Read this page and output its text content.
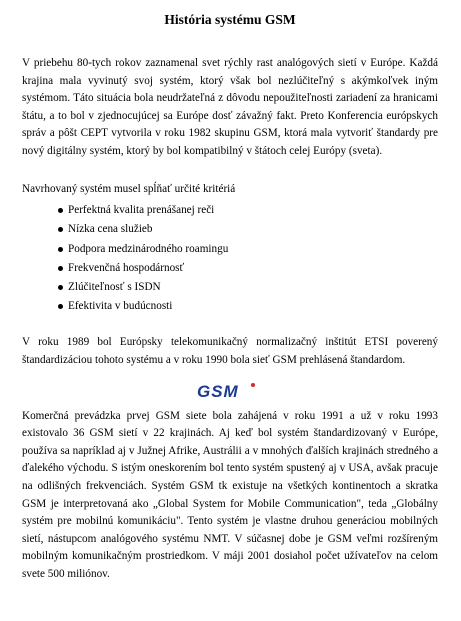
História systému GSM

V priebehu 80-tych rokov zaznamenal svet rýchly rast analógových sietí v Európe. Každá krajina mala vyvinutý svoj systém, ktorý však bol nezlúčiteľný s akýmkoľvek iným systémom. Táto situácia bola neudržateľná z dôvodu nepoužiteľnosti zariadení za hranicami štátu, a to bol v zjednocujúcej sa Európe dosť závažný fakt. Preto Konferencia európskych správ a pôšt CEPT vytvorila v roku 1982 skupinu GSM, ktorá mala vytvoriť štandardy pre nový digitálny systém, ktorý by bol kompatibilný v štátoch celej Európy (sveta).

Navrhovaný systém musel spĺňať určité kritériá

Perfektná kvalita prenášanej reči
Nízka cena služieb
Podpora medzinárodného roamingu
Frekvenčná hospodárnosť
Zlúčiteľnosť s ISDN
Efektivita v budúcnosti

V roku 1989 bol Európsky telekomunikačný normalizačný inštitút ETSI poverený štandardizáciou tohoto systému a v roku 1990 bola sieť GSM prehlásená štandardom.

GSM

Komerčná prevádzka prvej GSM siete bola zahájená v roku 1991 a už v roku 1993 existovalo 36 GSM sietí v 22 krajinách. Aj keď bol systém štandardizovaný v Európe, používa sa napríklad aj v Južnej Afrike, Austrálii a v mnohých ďalších krajinách stredného a ďalekého východu. S istým oneskorením bol tento systém spustený aj v USA, avšak pracuje na odlišných frekvenciách. Systém GSM tk existuje na všetkých kontinentoch a skratka GSM je interpretovaná ako „Global System for Mobile Communication", teda „Globálny systém pre mobilnú komunikáciu". Tento systém je vlastne druhou generáciou mobilných sietí, nástupcom analógového systému NMT. V súčasnej dobe je GSM veľmi rozšíreným mobilným komunikačným prostriedkom. V máji 2001 dosiahol počet užívateľov na celom svete 500 miliónov.
